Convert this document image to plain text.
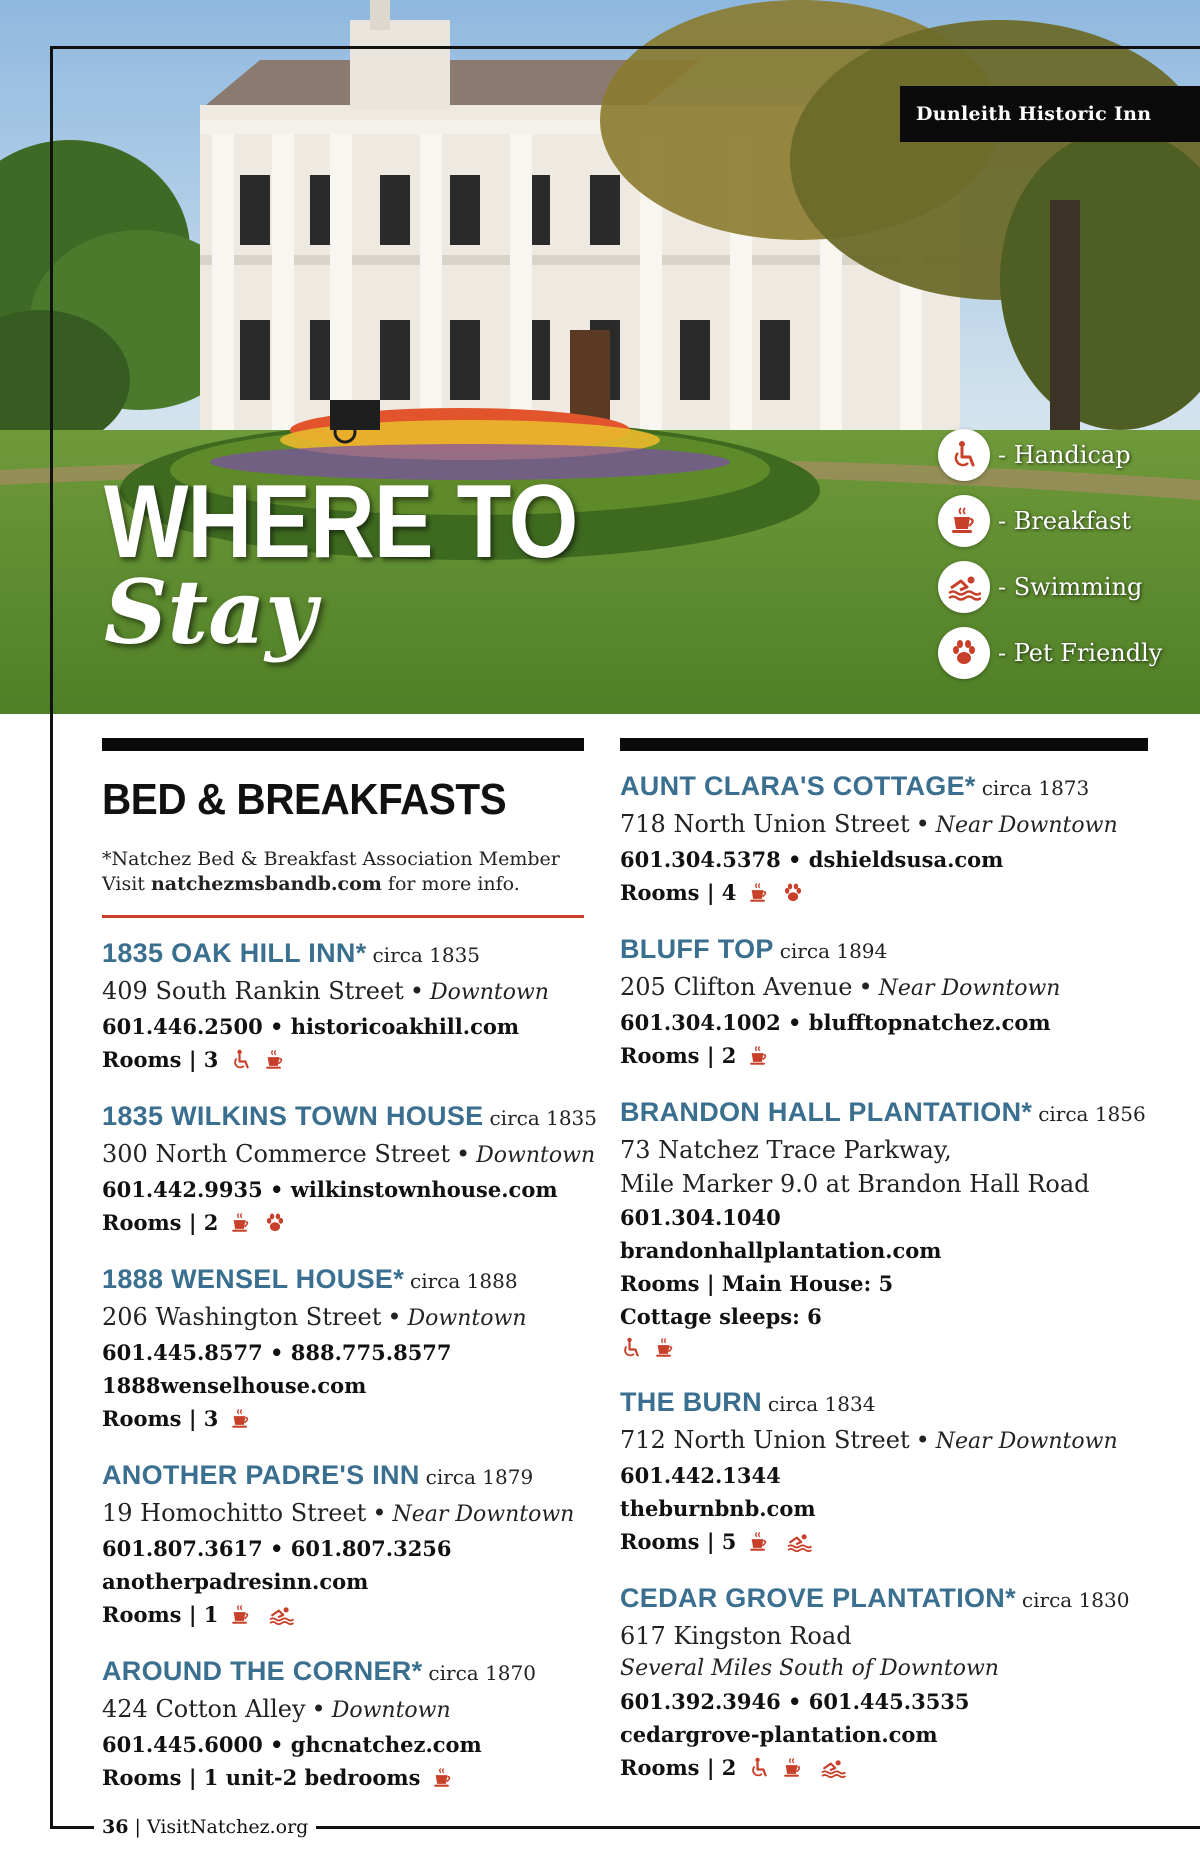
Dunleith Historic Inn
WHERE TO
Stay
- Handicap
- Breakfast
- Swimming
- Pet Friendly
BED & BREAKFASTS
*Natchez Bed & Breakfast Association Member
Visit natchezmsbandb.com for more info.
1835 OAK HILL INN* circa 1835
409 South Rankin Street • Downtown
601.446.2500 • historicoakhill.com
Rooms | 3
1835 WILKINS TOWN HOUSE circa 1835
300 North Commerce Street • Downtown
601.442.9935 • wilkinstownhouse.com
Rooms | 2
1888 WENSEL HOUSE* circa 1888
206 Washington Street • Downtown
601.445.8577 • 888.775.8577
1888wenselhouse.com
Rooms | 3
ANOTHER PADRE'S INN circa 1879
19 Homochitto Street • Near Downtown
601.807.3617 • 601.807.3256
anotherpadresinn.com
Rooms | 1
AROUND THE CORNER* circa 1870
424 Cotton Alley • Downtown
601.445.6000 • ghcnatchez.com
Rooms | 1 unit-2 bedrooms
AUNT CLARA'S COTTAGE* circa 1873
718 North Union Street • Near Downtown
601.304.5378 • dshieldsusa.com
Rooms | 4
BLUFF TOP circa 1894
205 Clifton Avenue • Near Downtown
601.304.1002 • blufftopnatchez.com
Rooms | 2
BRANDON HALL PLANTATION* circa 1856
73 Natchez Trace Parkway,
Mile Marker 9.0 at Brandon Hall Road
601.304.1040
brandonhallplantation.com
Rooms | Main House: 5
Cottage sleeps: 6
THE BURN circa 1834
712 North Union Street • Near Downtown
601.442.1344
theburnbnb.com
Rooms | 5
CEDAR GROVE PLANTATION* circa 1830
617 Kingston Road
Several Miles South of Downtown
601.392.3946 • 601.445.3535
cedargrove-plantation.com
Rooms | 2
36 | VisitNatchez.org
